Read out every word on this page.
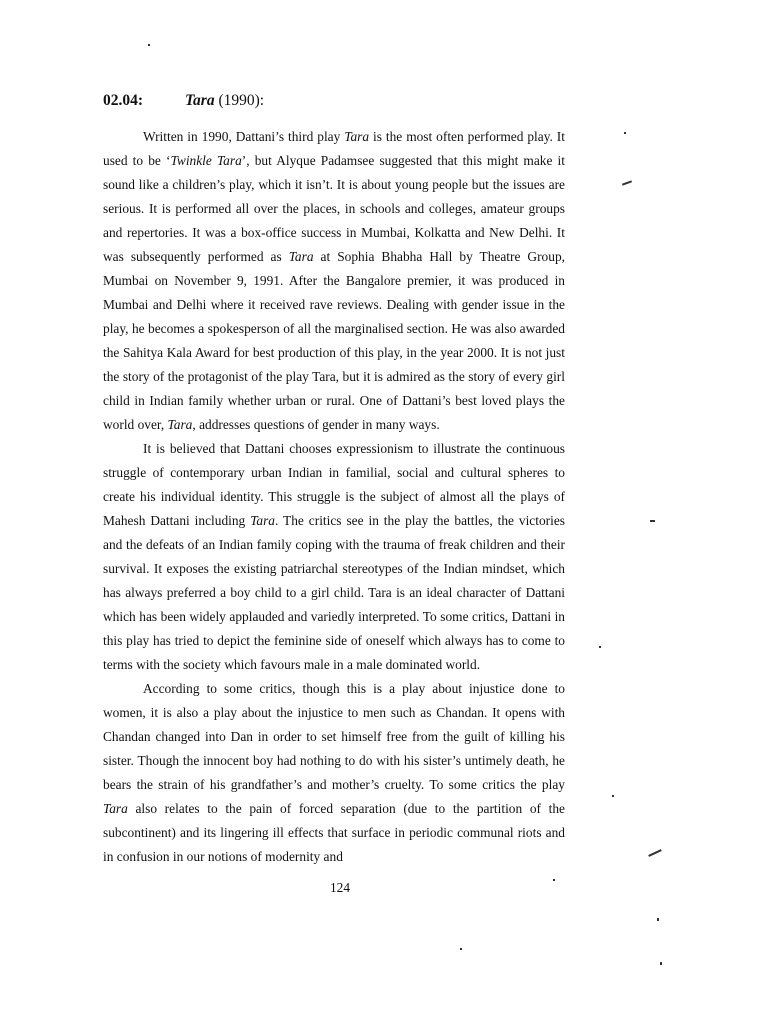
02.04:	Tara (1990):

Written in 1990, Dattani’s third play Tara is the most often performed play. It used to be ‘Twinkle Tara’, but Alyque Padamsee suggested that this might make it sound like a children’s play, which it isn’t. It is about young people but the issues are serious. It is performed all over the places, in schools and colleges, amateur groups and repertories. It was a box-office success in Mumbai, Kolkatta and New Delhi. It was subsequently performed as Tara at Sophia Bhabha Hall by Theatre Group, Mumbai on November 9, 1991. After the Bangalore premier, it was produced in Mumbai and Delhi where it received rave reviews. Dealing with gender issue in the play, he becomes a spokesperson of all the marginalised section. He was also awarded the Sahitya Kala Award for best production of this play, in the year 2000. It is not just the story of the protagonist of the play Tara, but it is admired as the story of every girl child in Indian family whether urban or rural. One of Dattani’s best loved plays the world over, Tara, addresses questions of gender in many ways.

It is believed that Dattani chooses expressionism to illustrate the continuous struggle of contemporary urban Indian in familial, social and cultural spheres to create his individual identity. This struggle is the subject of almost all the plays of Mahesh Dattani including Tara. The critics see in the play the battles, the victories and the defeats of an Indian family coping with the trauma of freak children and their survival. It exposes the existing patriarchal stereotypes of the Indian mindset, which has always preferred a boy child to a girl child. Tara is an ideal character of Dattani which has been widely applauded and variedly interpreted. To some critics, Dattani in this play has tried to depict the feminine side of oneself which always has to come to terms with the society which favours male in a male dominated world.

According to some critics, though this is a play about injustice done to women, it is also a play about the injustice to men such as Chandan. It opens with Chandan changed into Dan in order to set himself free from the guilt of killing his sister. Though the innocent boy had nothing to do with his sister’s untimely death, he bears the strain of his grandfather’s and mother’s cruelty. To some critics the play Tara also relates to the pain of forced separation (due to the partition of the subcontinent) and its lingering ill effects that surface in periodic communal riots and in confusion in our notions of modernity and

124
